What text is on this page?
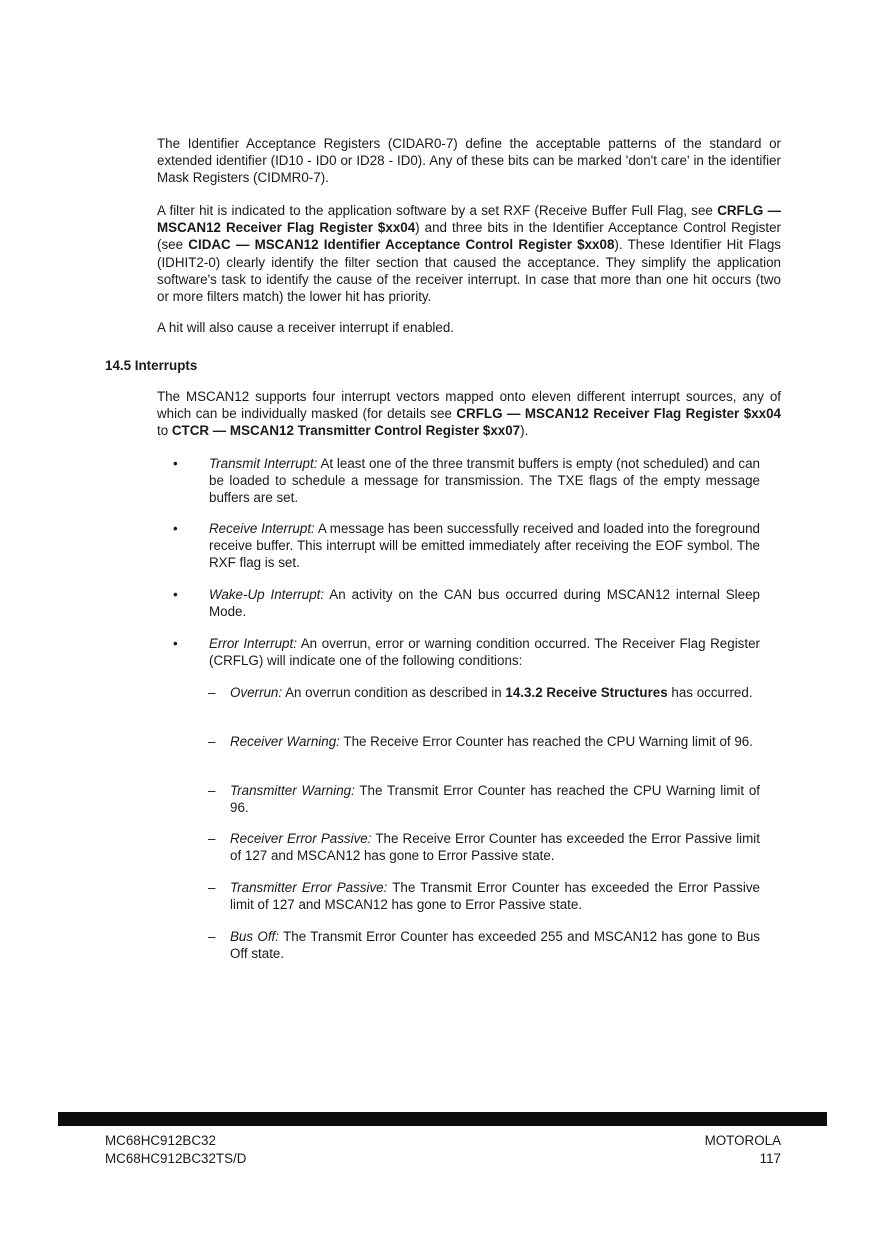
The Identifier Acceptance Registers (CIDAR0-7) define the acceptable patterns of the standard or extended identifier (ID10 - ID0 or ID28 - ID0). Any of these bits can be marked 'don't care' in the identifier Mask Registers (CIDMR0-7).

A filter hit is indicated to the application software by a set RXF (Receive Buffer Full Flag, see CRFLG — MSCAN12 Receiver Flag Register $xx04) and three bits in the Identifier Acceptance Control Register (see CIDAC — MSCAN12 Identifier Acceptance Control Register $xx08). These Identifier Hit Flags (IDHIT2-0) clearly identify the filter section that caused the acceptance. They simplify the application software's task to identify the cause of the receiver interrupt. In case that more than one hit occurs (two or more filters match) the lower hit has priority.

A hit will also cause a receiver interrupt if enabled.

14.5 Interrupts

The MSCAN12 supports four interrupt vectors mapped onto eleven different interrupt sources, any of which can be individually masked (for details see CRFLG — MSCAN12 Receiver Flag Register $xx04 to CTCR — MSCAN12 Transmitter Control Register $xx07).

• Transmit Interrupt: At least one of the three transmit buffers is empty (not scheduled) and can be loaded to schedule a message for transmission. The TXE flags of the empty message buffers are set.

• Receive Interrupt: A message has been successfully received and loaded into the foreground receive buffer. This interrupt will be emitted immediately after receiving the EOF symbol. The RXF flag is set.

• Wake-Up Interrupt: An activity on the CAN bus occurred during MSCAN12 internal Sleep Mode.

• Error Interrupt: An overrun, error or warning condition occurred. The Receiver Flag Register (CRFLG) will indicate one of the following conditions:

– Overrun: An overrun condition as described in 14.3.2 Receive Structures has occurred.

– Receiver Warning: The Receive Error Counter has reached the CPU Warning limit of 96.

– Transmitter Warning: The Transmit Error Counter has reached the CPU Warning limit of 96.

– Receiver Error Passive: The Receive Error Counter has exceeded the Error Passive limit of 127 and MSCAN12 has gone to Error Passive state.

– Transmitter Error Passive: The Transmit Error Counter has exceeded the Error Passive limit of 127 and MSCAN12 has gone to Error Passive state.

– Bus Off: The Transmit Error Counter has exceeded 255 and MSCAN12 has gone to Bus Off state.

MC68HC912BC32
MC68HC912BC32TS/D
MOTOROLA
117
